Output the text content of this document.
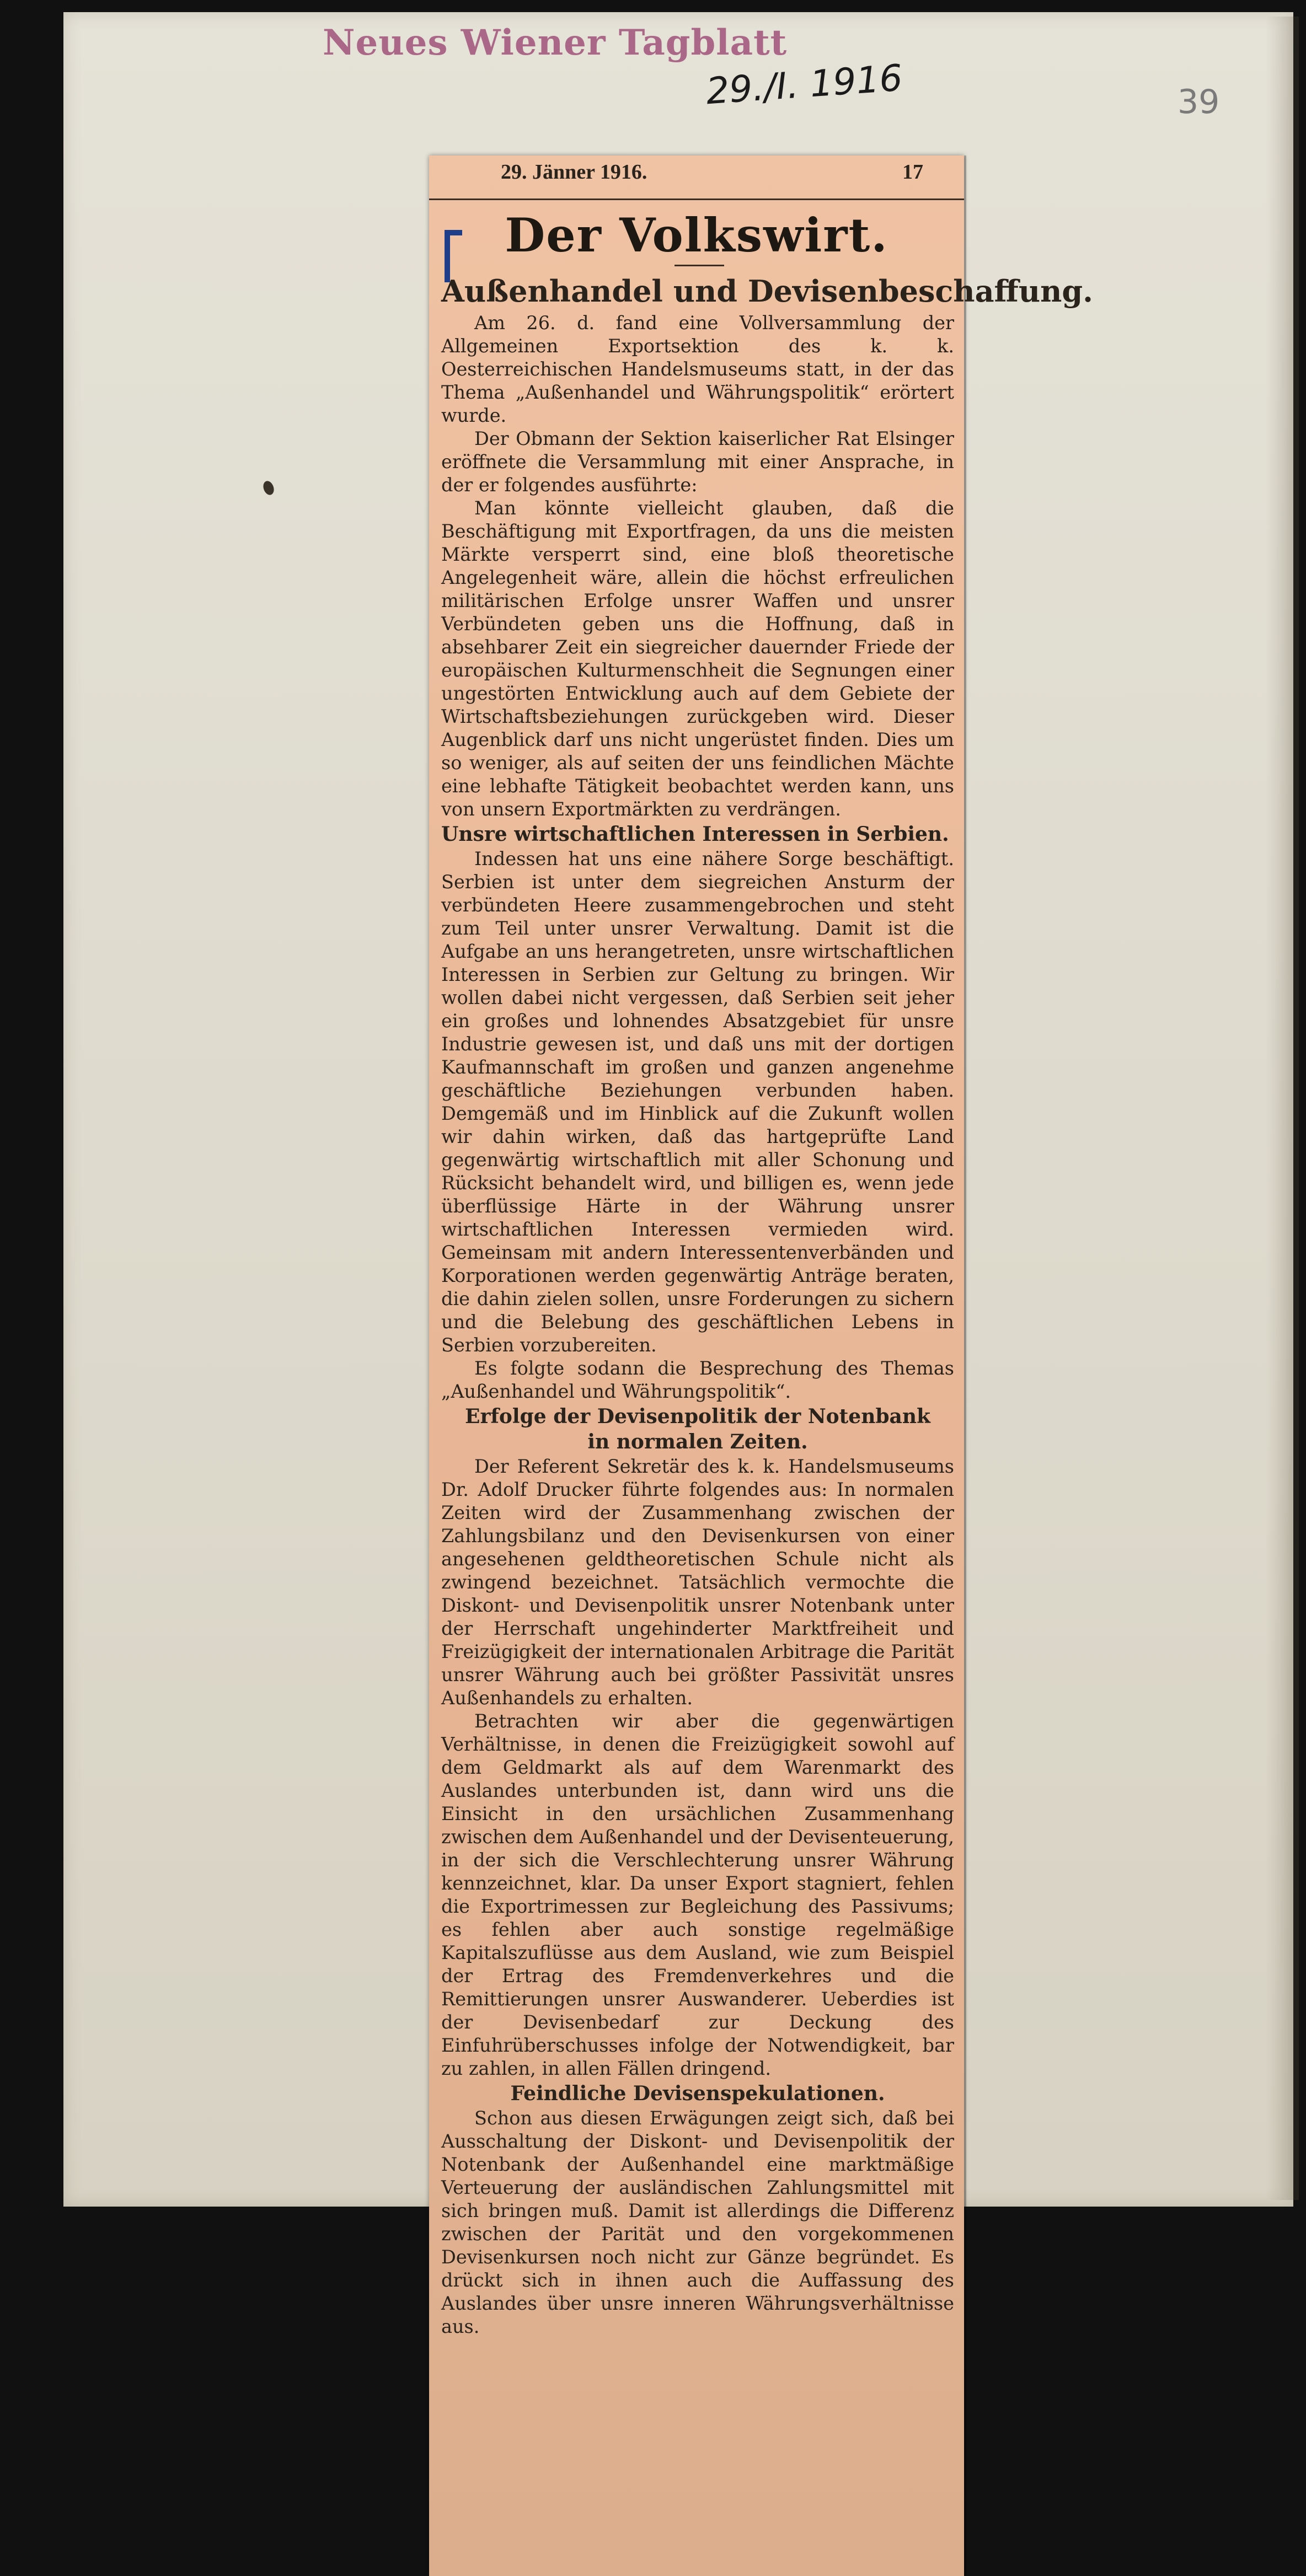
Neues Wiener Tagblatt
29./I. 1916	39
29. Jänner 1916.	17
Der Volkswirt.
Außenhandel und Devisenbeschaffung.

Am 26. d. fand eine Vollversammlung der Allgemeinen Exportsektion des k. k. Oesterreichischen Handelsmuseums statt, in der das Thema „Außenhandel und Währungspolitik“ erörtert wurde.

Der Obmann der Sektion kaiserlicher Rat Elsinger eröffnete die Versammlung mit einer Ansprache, in der er folgendes ausführte:

Man könnte vielleicht glauben, daß die Beschäftigung mit Exportfragen, da uns die meisten Märkte versperrt sind, eine bloß theoretische Angelegenheit wäre, allein die höchst erfreulichen militärischen Erfolge unsrer Waffen und unsrer Verbündeten geben uns die Hoffnung, daß in absehbarer Zeit ein siegreicher dauernder Friede der europäischen Kulturmenschheit die Segnungen einer ungestörten Entwicklung auch auf dem Gebiete der Wirtschaftsbeziehungen zurückgeben wird. Dieser Augenblick darf uns nicht ungerüstet finden. Dies um so weniger, als auf seiten der uns feindlichen Mächte eine lebhafte Tätigkeit beobachtet werden kann, uns von unsern Exportmärkten zu verdrängen.

Unsre wirtschaftlichen Interessen in Serbien.

Indessen hat uns eine nähere Sorge beschäftigt. Serbien ist unter dem siegreichen Ansturm der verbündeten Heere zusammengebrochen und steht zum Teil unter unsrer Verwaltung. Damit ist die Aufgabe an uns herangetreten, unsre wirtschaftlichen Interessen in Serbien zur Geltung zu bringen. Wir wollen dabei nicht vergessen, daß Serbien seit jeher ein großes und lohnendes Absatzgebiet für unsre Industrie gewesen ist, und daß uns mit der dortigen Kaufmannschaft im großen und ganzen angenehme geschäftliche Beziehungen verbunden haben. Demgemäß und im Hinblick auf die Zukunft wollen wir dahin wirken, daß das hartgeprüfte Land gegenwärtig wirtschaftlich mit aller Schonung und Rücksicht behandelt wird, und billigen es, wenn jede überflüssige Härte in der Währung unsrer wirtschaftlichen Interessen vermieden wird. Gemeinsam mit andern Interessentenverbänden und Korporationen werden gegenwärtig Anträge beraten, die dahin zielen sollen, unsre Forderungen zu sichern und die Belebung des geschäftlichen Lebens in Serbien vorzubereiten.

Es folgte sodann die Besprechung des Themas „Außenhandel und Währungspolitik“.

Erfolge der Devisenpolitik der Notenbank
in normalen Zeiten.

Der Referent Sekretär des k. k. Handelsmuseums Dr. Adolf Drucker führte folgendes aus: In normalen Zeiten wird der Zusammenhang zwischen der Zahlungsbilanz und den Devisenkursen von einer angesehenen geldtheoretischen Schule nicht als zwingend bezeichnet. Tatsächlich vermochte die Diskont- und Devisenpolitik unsrer Notenbank unter der Herrschaft ungehinderter Marktfreiheit und Freizügigkeit der internationalen Arbitrage die Parität unsrer Währung auch bei größter Passivität unsres Außenhandels zu erhalten.

Betrachten wir aber die gegenwärtigen Verhältnisse, in denen die Freizügigkeit sowohl auf dem Geldmarkt als auf dem Warenmarkt des Auslandes unterbunden ist, dann wird uns die Einsicht in den ursächlichen Zusammenhang zwischen dem Außenhandel und der Devisenteuerung, in der sich die Verschlechterung unsrer Währung kennzeichnet, klar. Da unser Export stagniert, fehlen die Exportrimessen zur Begleichung des Passivums; es fehlen aber auch sonstige regelmäßige Kapitalszuflüsse aus dem Ausland, wie zum Beispiel der Ertrag des Fremdenverkehres und die Remittierungen unsrer Auswanderer. Ueberdies ist der Devisenbedarf zur Deckung des Einfuhrüberschusses infolge der Notwendigkeit, bar zu zahlen, in allen Fällen dringend.

Feindliche Devisenspekulationen.

Schon aus diesen Erwägungen zeigt sich, daß bei Ausschaltung der Diskont- und Devisenpolitik der Notenbank der Außenhandel eine marktmäßige Verteuerung der ausländischen Zahlungsmittel mit sich bringen muß. Damit ist allerdings die Differenz zwischen der Parität und den vorgekommenen Devisenkursen noch nicht zur Gänze begründet. Es drückt sich in ihnen auch die Auffassung des Auslandes über unsre inneren Währungsverhältnisse aus.
